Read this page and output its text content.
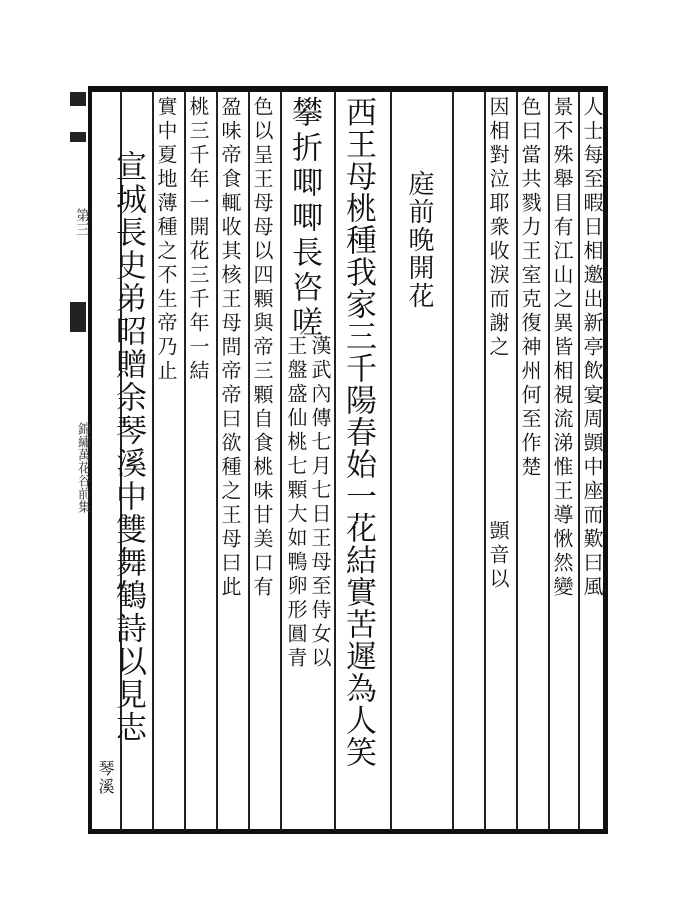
第三
錦繡萬花谷前集	人士每至暇日相邀出新亭飲宴周顗中座而歎曰風
景不殊舉目有江山之異皆相視流涕惟王導愀然變
色曰當共戮力王室克復神州何至作楚
因相對泣耶衆收淚而謝之
顗音以
庭前晚開花
西王母桃種我家三千陽春始一花結實苦遲為人笑
攀折唧唧長咨嗟
漢武內傳七月七日王母至侍女以
王盤盛仙桃七顆大如鴨卵形圓青
色以呈王母母以四顆與帝三顆自食桃味甘美口有
盈味帝食輒收其核王母問帝帝曰欲種之王母曰此
桃三千年一開花三千年一結
實中夏地薄種之不生帝乃止
宣城長史弟昭贈余琴溪中雙舞鶴詩以見志
琴溪
